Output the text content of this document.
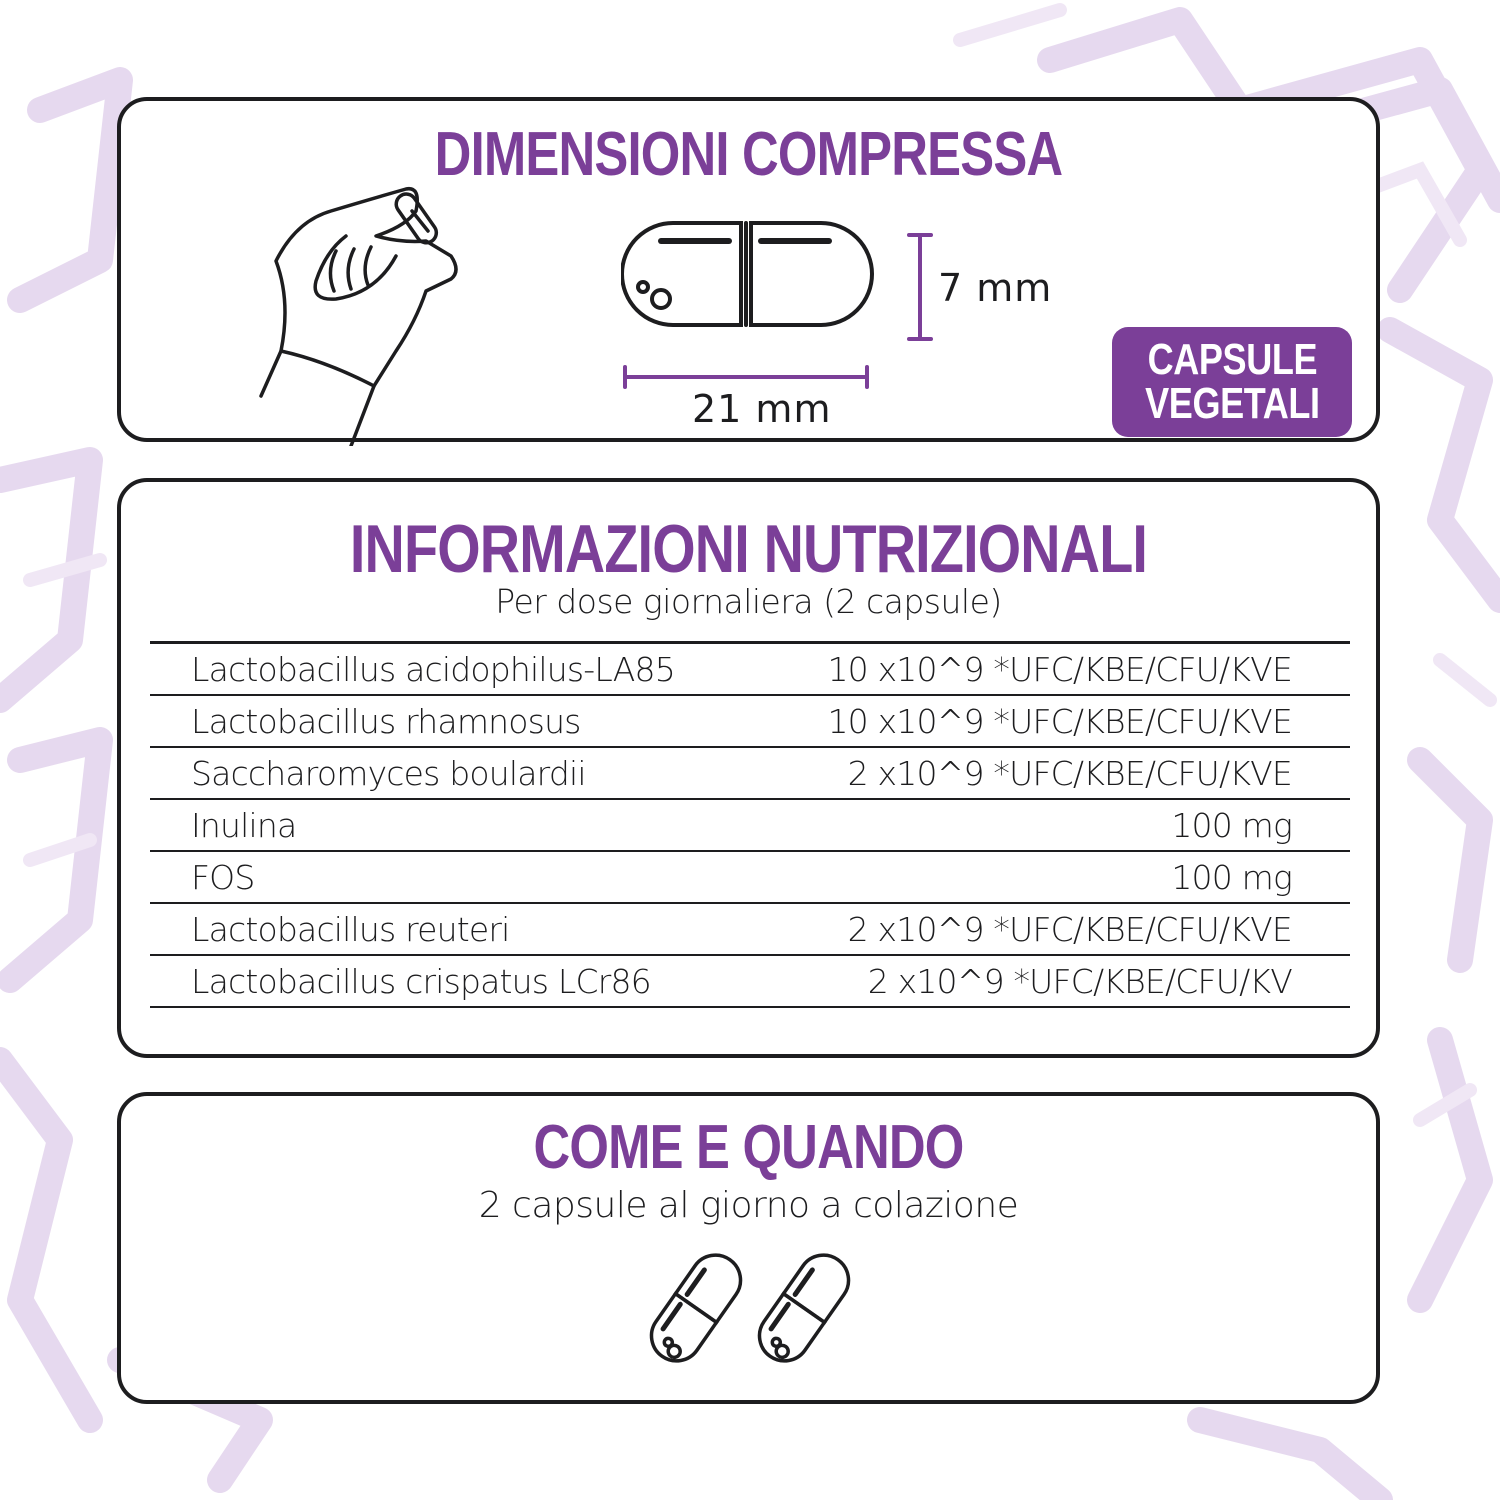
DIMENSIONI COMPRESSA

7 mm

21 mm

CAPSULE
VEGETALI
INFORMAZIONI NUTRIZIONALI

Per dose giornaliera (2 capsule)

Lactobacillus acidophilus-LA85	10 x10^9 *UFC/KBE/CFU/KVE
Lactobacillus rhamnosus	10 x10^9 *UFC/KBE/CFU/KVE
Saccharomyces boulardii	2 x10^9 *UFC/KBE/CFU/KVE
Inulina	100 mg
FOS	100 mg
Lactobacillus reuteri	2 x10^9 *UFC/KBE/CFU/KVE
Lactobacillus crispatus LCr86	2 x10^9 *UFC/KBE/CFU/KV
COME E QUANDO

2 capsule al giorno a colazione
